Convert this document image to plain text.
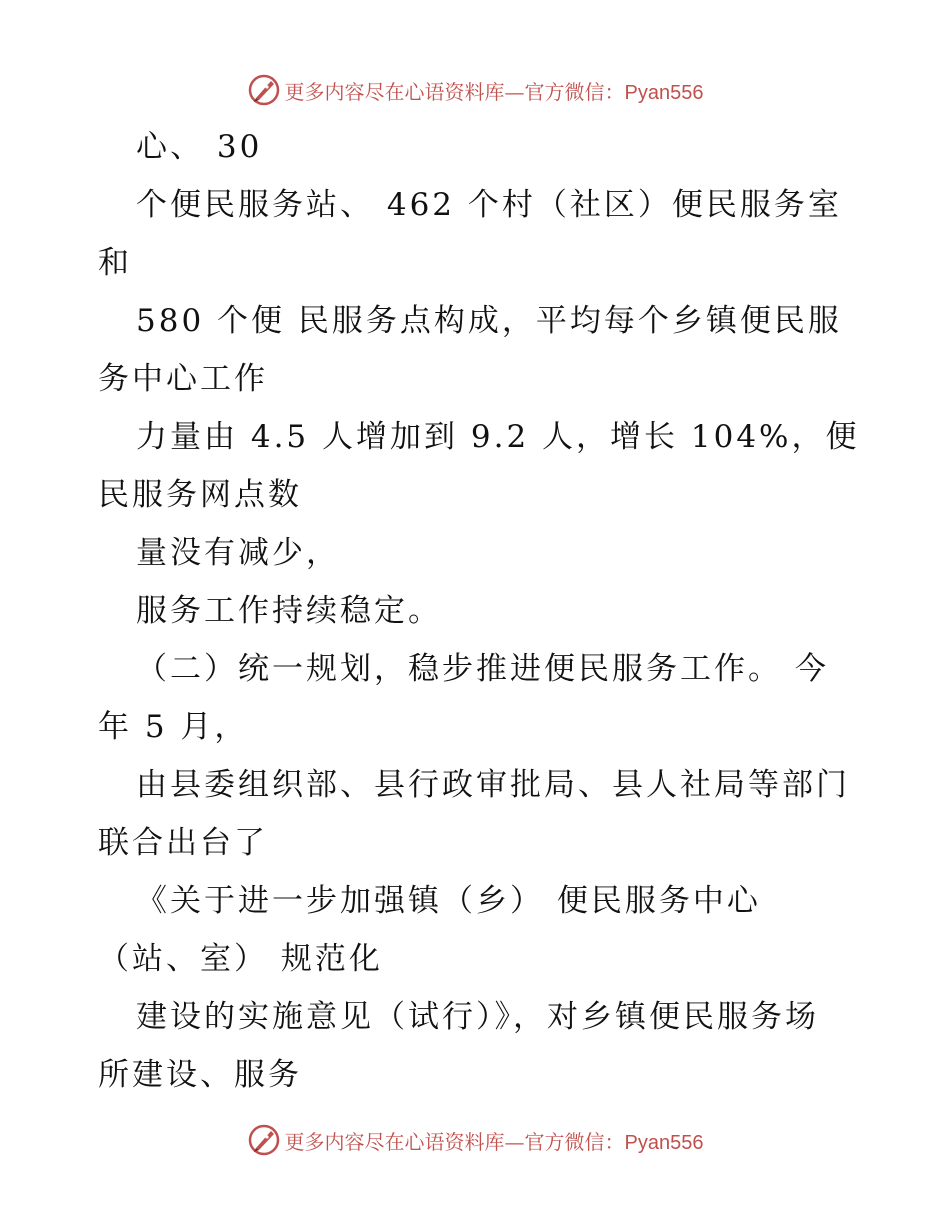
更多内容尽在心语资料库—官方微信：Pyan556
心、 30
个便民服务站、 462 个村（社区）便民服务室
和
580 个便 民服务点构成，平均每个乡镇便民服
务中心工作
力量由 4.5 人增加到 9.2 人，增长 104%，便
民服务网点数
量没有减少，
服务工作持续稳定。
（二）统一规划，稳步推进便民服务工作。 今
年 5 月，
由县委组织部、县行政审批局、县人社局等部门
联合出台了
《关于进一步加强镇（乡） 便民服务中心
（站、室） 规范化
建设的实施意见（试行）》，对乡镇便民服务场
所建设、服务
更多内容尽在心语资料库—官方微信：Pyan556
